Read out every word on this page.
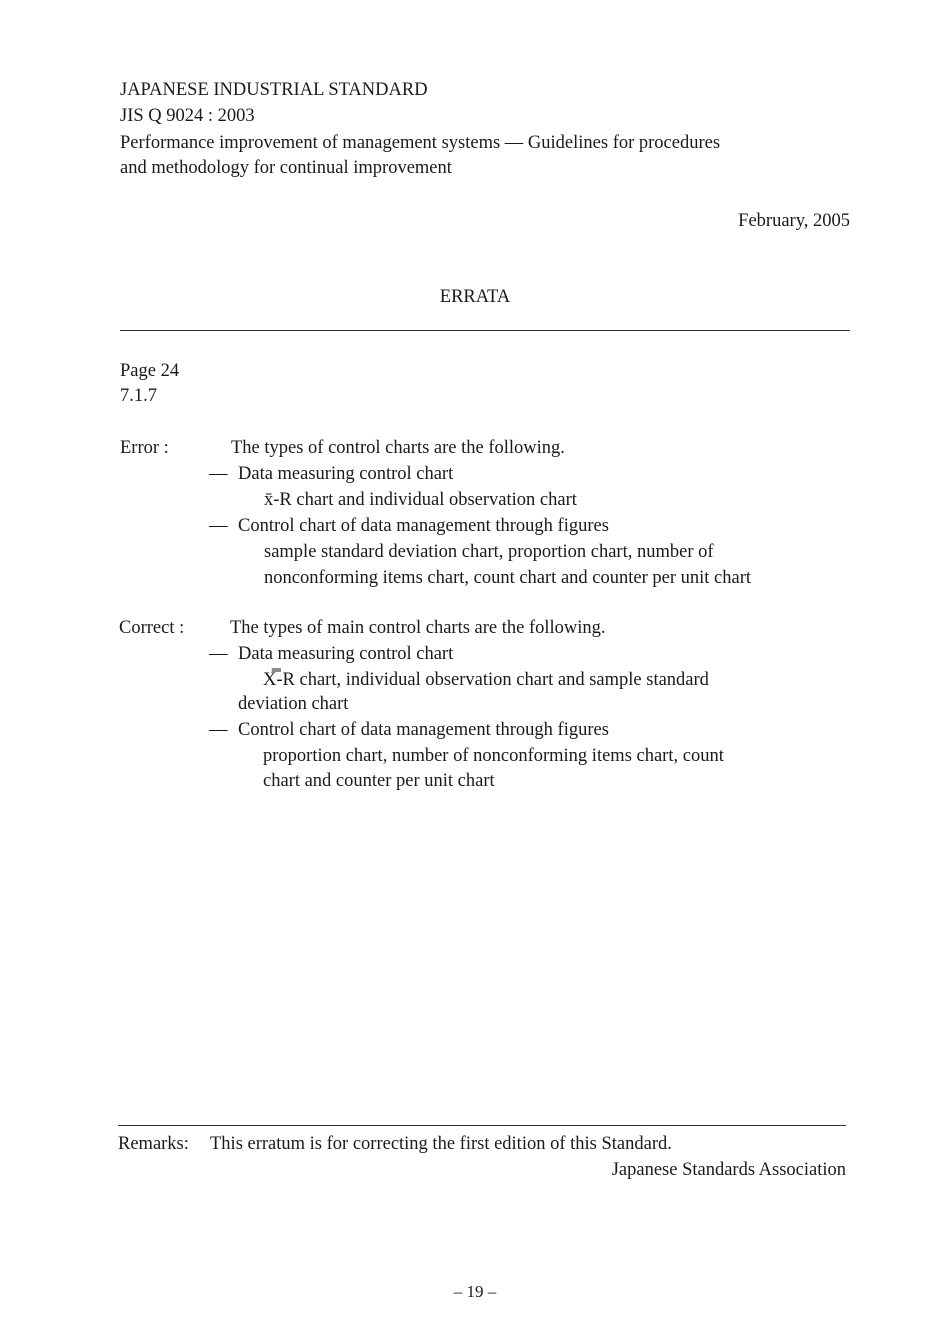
JAPANESE INDUSTRIAL STANDARD
JIS Q 9024 : 2003
Performance improvement of management systems — Guidelines for procedures
and methodology for continual improvement
February, 2005
ERRATA
Page 24
7.1.7
Error :	The types of control charts are the following.
— Data measuring control chart
x̄-R chart and individual observation chart
— Control chart of data management through figures
sample standard deviation chart, proportion chart, number of
nonconforming items chart, count chart and counter per unit chart
Correct : The types of main control charts are the following.
— Data measuring control chart
X̿-R chart, individual observation chart and sample standard
deviation chart
— Control chart of data management through figures
proportion chart, number of nonconforming items chart, count
chart and counter per unit chart
Remarks: This erratum is for correcting the first edition of this Standard.
Japanese Standards Association
– 19 –
